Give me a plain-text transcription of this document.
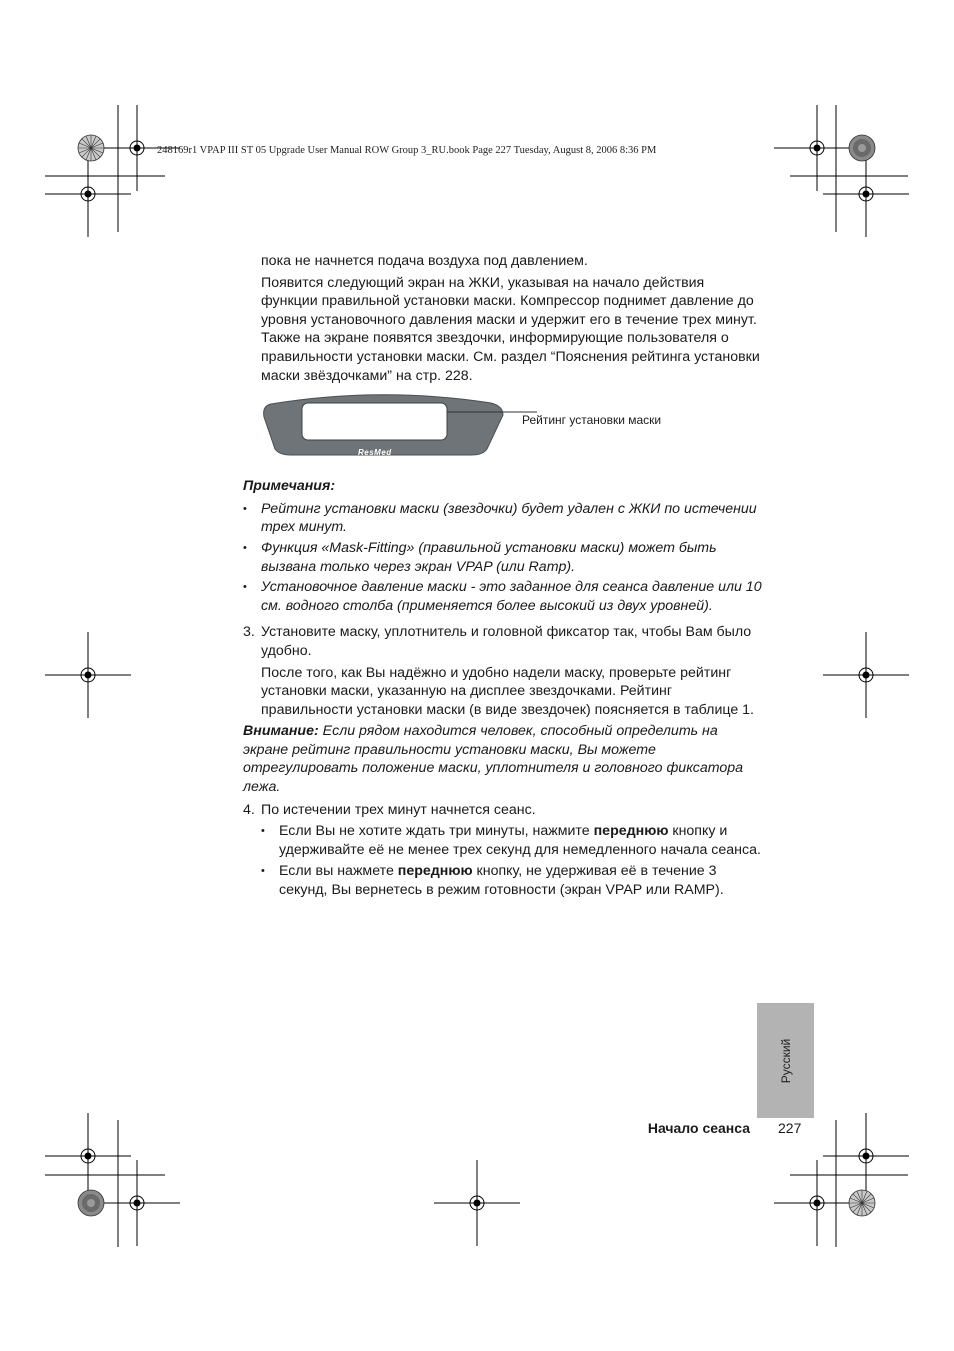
248169r1 VPAP III ST 05 Upgrade User Manual ROW Group 3_RU.book Page 227 Tuesday, August 8, 2006 8:36 PM

пока не начнется подача воздуха под давлением.

Появится следующий экран на ЖКИ, указывая на начало действия функции правильной установки маски. Компрессор поднимет давление до уровня установочного давления маски и удержит его в течение трех минут. Также на экране появятся звездочки, информирующие пользователя о правильности установки маски. См. раздел “Пояснения рейтинга установки маски звёздочками” на стр. 228.

ResMed
Рейтинг установки маски
Примечания:
• Рейтинг установки маски (звездочки) будет удален с ЖКИ по истечении трех минут.
• Функция «Mask-Fitting» (правильной установки маски) может быть вызвана только через экран VPAP (или Ramp).
• Установочное давление маски - это заданное для сеанса давление или 10 см. водного столба (применяется более высокий из двух уровней).
3. Установите маску, уплотнитель и головной фиксатор так, чтобы Вам было удобно.

После того, как Вы надёжно и удобно надели маску, проверьте рейтинг установки маски, указанную на дисплее звездочками. Рейтинг правильности установки маски (в виде звездочек) поясняется в таблице 1.

Внимание: Если рядом находится человек, способный определить на экране рейтинг правильности установки маски, Вы можете отрегулировать положение маски, уплотнителя и головного фиксатора лежа.

4. По истечении трех минут начнется сеанс.
• Если Вы не хотите ждать три минуты, нажмите переднюю кнопку и удерживайте её не менее трех секунд для немедленного начала сеанса.
• Если вы нажмете переднюю кнопку, не удерживая её в течение 3 секунд, Вы вернетесь в режим готовности (экран VPAP или RAMP).
Русский
Начало сеанса 227
